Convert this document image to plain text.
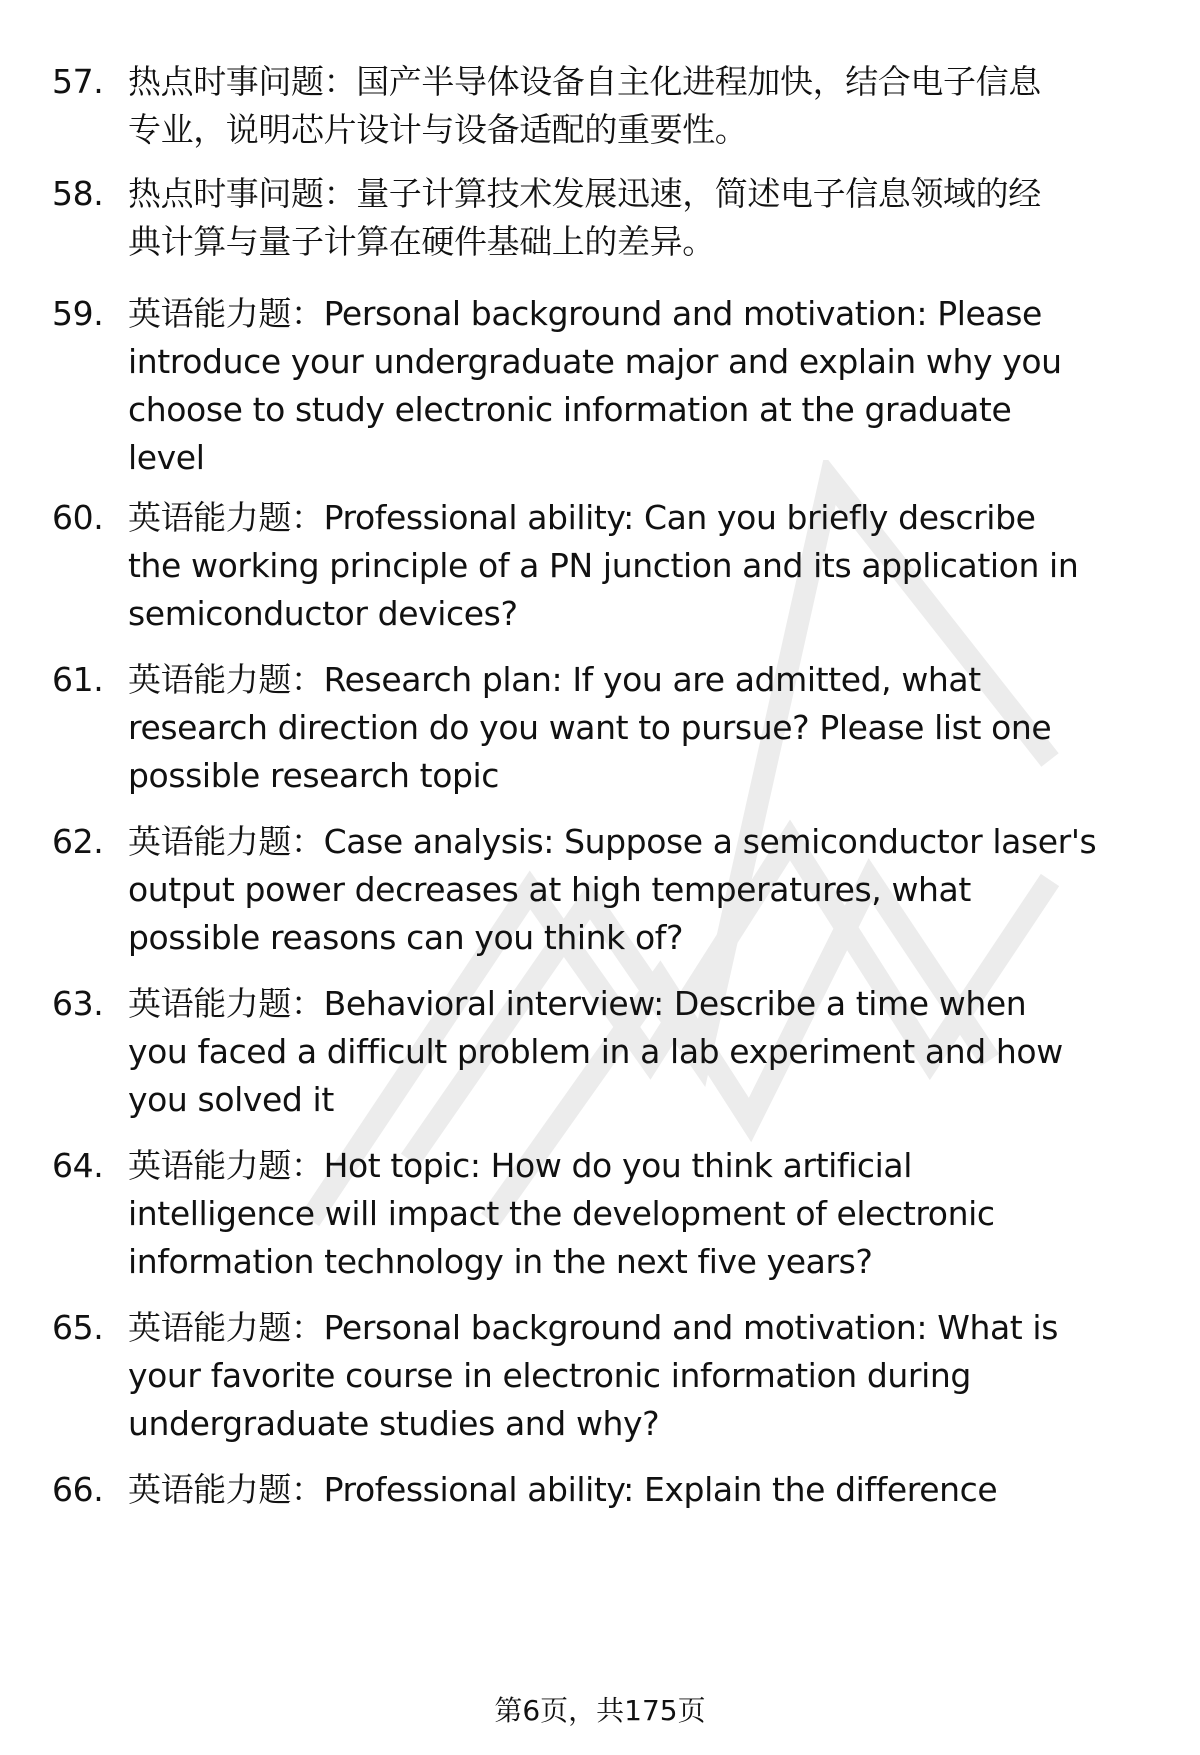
57. 热点时事问题：国产半导体设备自主化进程加快，结合电子信息
专业，说明芯片设计与设备适配的重要性。
58. 热点时事问题：量子计算技术发展迅速，简述电子信息领域的经
典计算与量子计算在硬件基础上的差异。
59. 英语能力题：Personal background and motivation: Please
introduce your undergraduate major and explain why you
choose to study electronic information at the graduate
level
60. 英语能力题：Professional ability: Can you briefly describe
the working principle of a PN junction and its application in
semiconductor devices?
61. 英语能力题：Research plan: If you are admitted, what
research direction do you want to pursue? Please list one
possible research topic
62. 英语能力题：Case analysis: Suppose a semiconductor laser's
output power decreases at high temperatures, what
possible reasons can you think of?
63. 英语能力题：Behavioral interview: Describe a time when
you faced a difficult problem in a lab experiment and how
you solved it
64. 英语能力题：Hot topic: How do you think artificial
intelligence will impact the development of electronic
information technology in the next five years?
65. 英语能力题：Personal background and motivation: What is
your favorite course in electronic information during
undergraduate studies and why?
66. 英语能力题：Professional ability: Explain the difference
第6页，共175页
